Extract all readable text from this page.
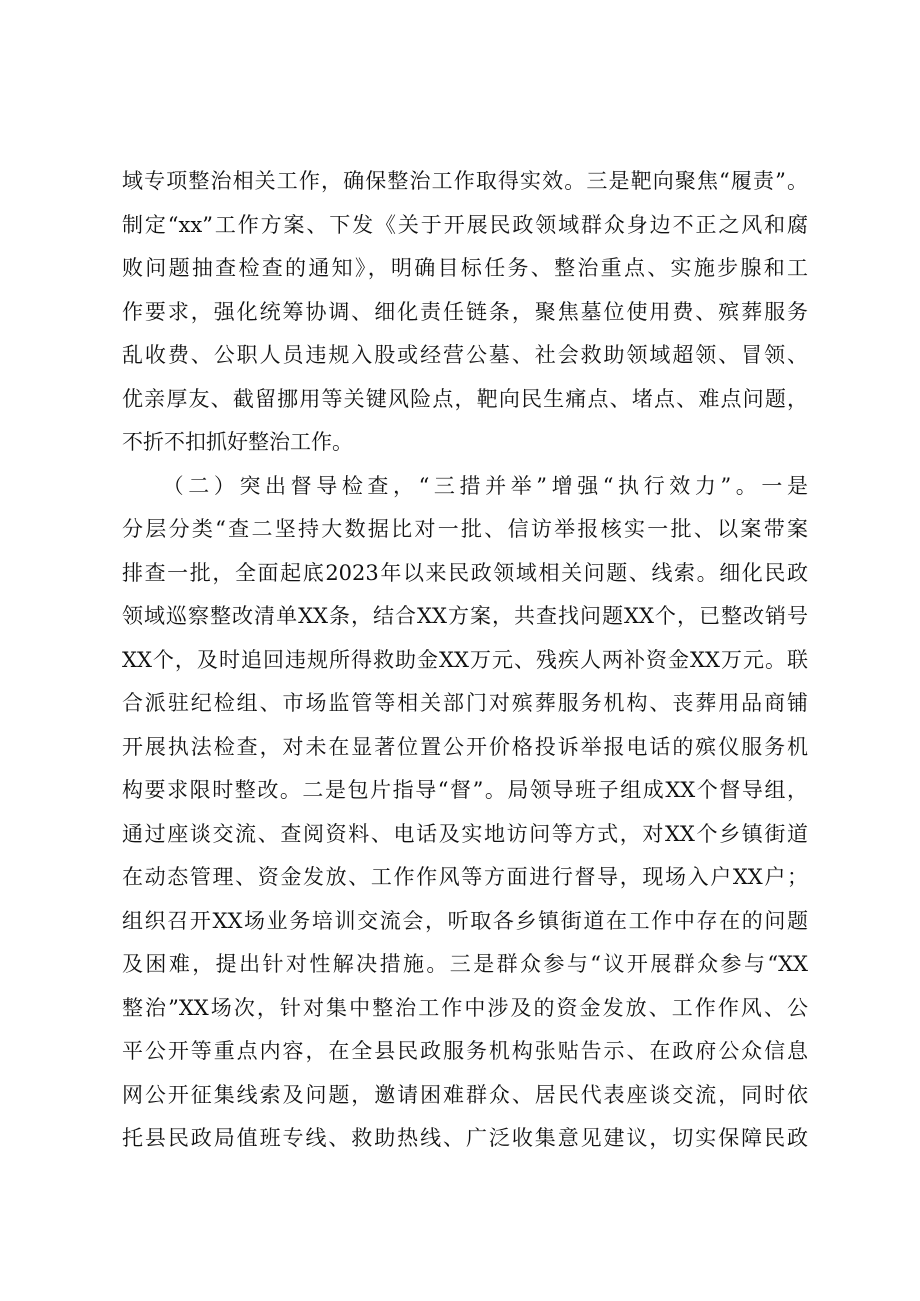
域专项整治相关工作，确保整治工作取得实效。三是靶向聚焦“履责”。
制定“xx”工作方案、下发《关于开展民政领域群众身边不正之风和腐
败问题抽查检查的通知》，明确目标任务、整治重点、实施步腺和工
作要求，强化统筹协调、细化责任链条，聚焦墓位使用费、殡葬服务
乱收费、公职人员违规入股或经营公墓、社会救助领域超领、冒领、
优亲厚友、截留挪用等关键风险点，靶向民生痛点、堵点、难点问题，
不折不扣抓好整治工作。
　　（二）突出督导检查，“三措并举”增强“执行效力”。一是
分层分类“查二坚持大数据比对一批、信访举报核实一批、以案带案
排查一批，全面起底2023年以来民政领域相关问题、线索。细化民政
领域巡察整改清单XX条，结合XX方案，共查找问题XX个，已整改销号
XX个，及时追回违规所得救助金XX万元、残疾人两补资金XX万元。联
合派驻纪检组、市场监管等相关部门对殡葬服务机构、丧葬用品商铺
开展执法检查，对未在显著位置公开价格投诉举报电话的殡仪服务机
构要求限时整改。二是包片指导“督”。局领导班子组成XX个督导组，
通过座谈交流、查阅资料、电话及实地访问等方式，对XX个乡镇街道
在动态管理、资金发放、工作作风等方面进行督导，现场入户XX户；
组织召开XX场业务培训交流会，听取各乡镇街道在工作中存在的问题
及困难，提出针对性解决措施。三是群众参与“议开展群众参与“XX
整治”XX场次，针对集中整治工作中涉及的资金发放、工作作风、公
平公开等重点内容，在全县民政服务机构张贴告示、在政府公众信息
网公开征集线索及问题，邀请困难群众、居民代表座谈交流，同时依
托县民政局值班专线、救助热线、广泛收集意见建议，切实保障民政
